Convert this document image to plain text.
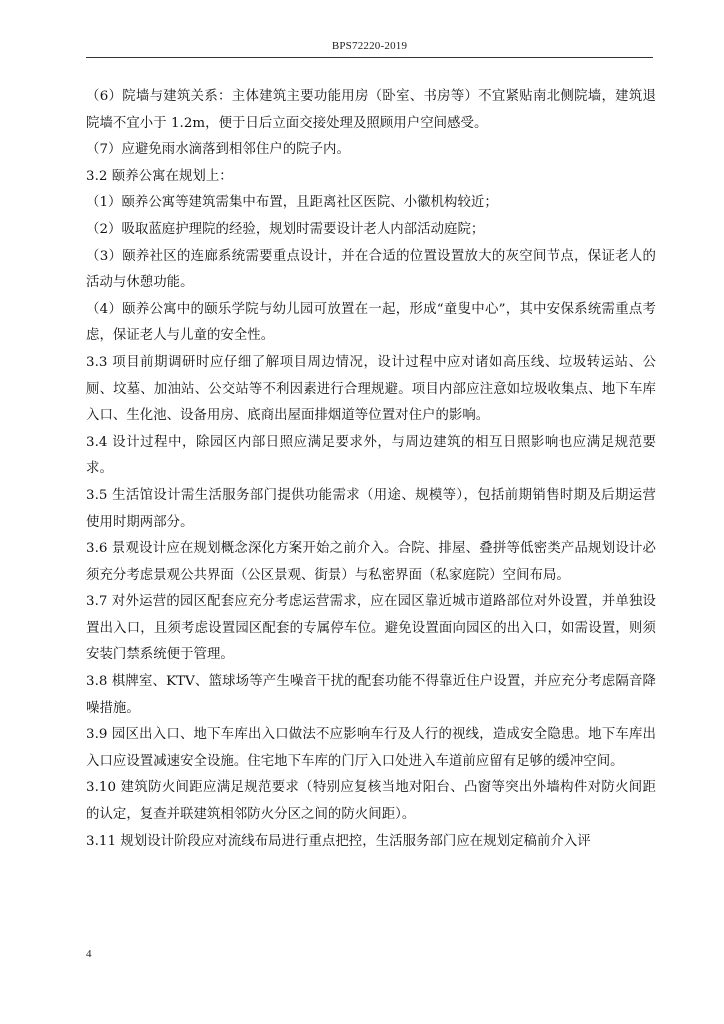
BPS72220-2019

（6）院墙与建筑关系：主体建筑主要功能用房（卧室、书房等）不宜紧贴南北侧院墙，建筑退院墙不宜小于 1.2m，便于日后立面交接处理及照顾用户空间感受。

（7）应避免雨水滴落到相邻住户的院子内。

3.2 颐养公寓在规划上：

（1）颐养公寓等建筑需集中布置，且距离社区医院、小徽机构较近；

（2）吸取蓝庭护理院的经验，规划时需要设计老人内部活动庭院；

（3）颐养社区的连廊系统需要重点设计，并在合适的位置设置放大的灰空间节点，保证老人的活动与休憩功能。

（4）颐养公寓中的颐乐学院与幼儿园可放置在一起，形成“童叟中心”，其中安保系统需重点考虑，保证老人与儿童的安全性。

3.3 项目前期调研时应仔细了解项目周边情况，设计过程中应对诸如高压线、垃圾转运站、公厕、坟墓、加油站、公交站等不利因素进行合理规避。项目内部应注意如垃圾收集点、地下车库入口、生化池、设备用房、底商出屋面排烟道等位置对住户的影响。

3.4 设计过程中，除园区内部日照应满足要求外，与周边建筑的相互日照影响也应满足规范要求。

3.5 生活馆设计需生活服务部门提供功能需求（用途、规模等），包括前期销售时期及后期运营使用时期两部分。

3.6 景观设计应在规划概念深化方案开始之前介入。合院、排屋、叠拼等低密类产品规划设计必须充分考虑景观公共界面（公区景观、街景）与私密界面（私家庭院）空间布局。

3.7 对外运营的园区配套应充分考虑运营需求，应在园区靠近城市道路部位对外设置，并单独设置出入口，且须考虑设置园区配套的专属停车位。避免设置面向园区的出入口，如需设置，则须安装门禁系统便于管理。

3.8 棋牌室、KTV、篮球场等产生噪音干扰的配套功能不得靠近住户设置，并应充分考虑隔音降噪措施。

3.9 园区出入口、地下车库出入口做法不应影响车行及人行的视线，造成安全隐患。地下车库出入口应设置减速安全设施。住宅地下车库的门厅入口处进入车道前应留有足够的缓冲空间。

3.10 建筑防火间距应满足规范要求（特别应复核当地对阳台、凸窗等突出外墙构件对防火间距的认定，复查并联建筑相邻防火分区之间的防火间距）。

3.11 规划设计阶段应对流线布局进行重点把控，生活服务部门应在规划定稿前介入评

4
